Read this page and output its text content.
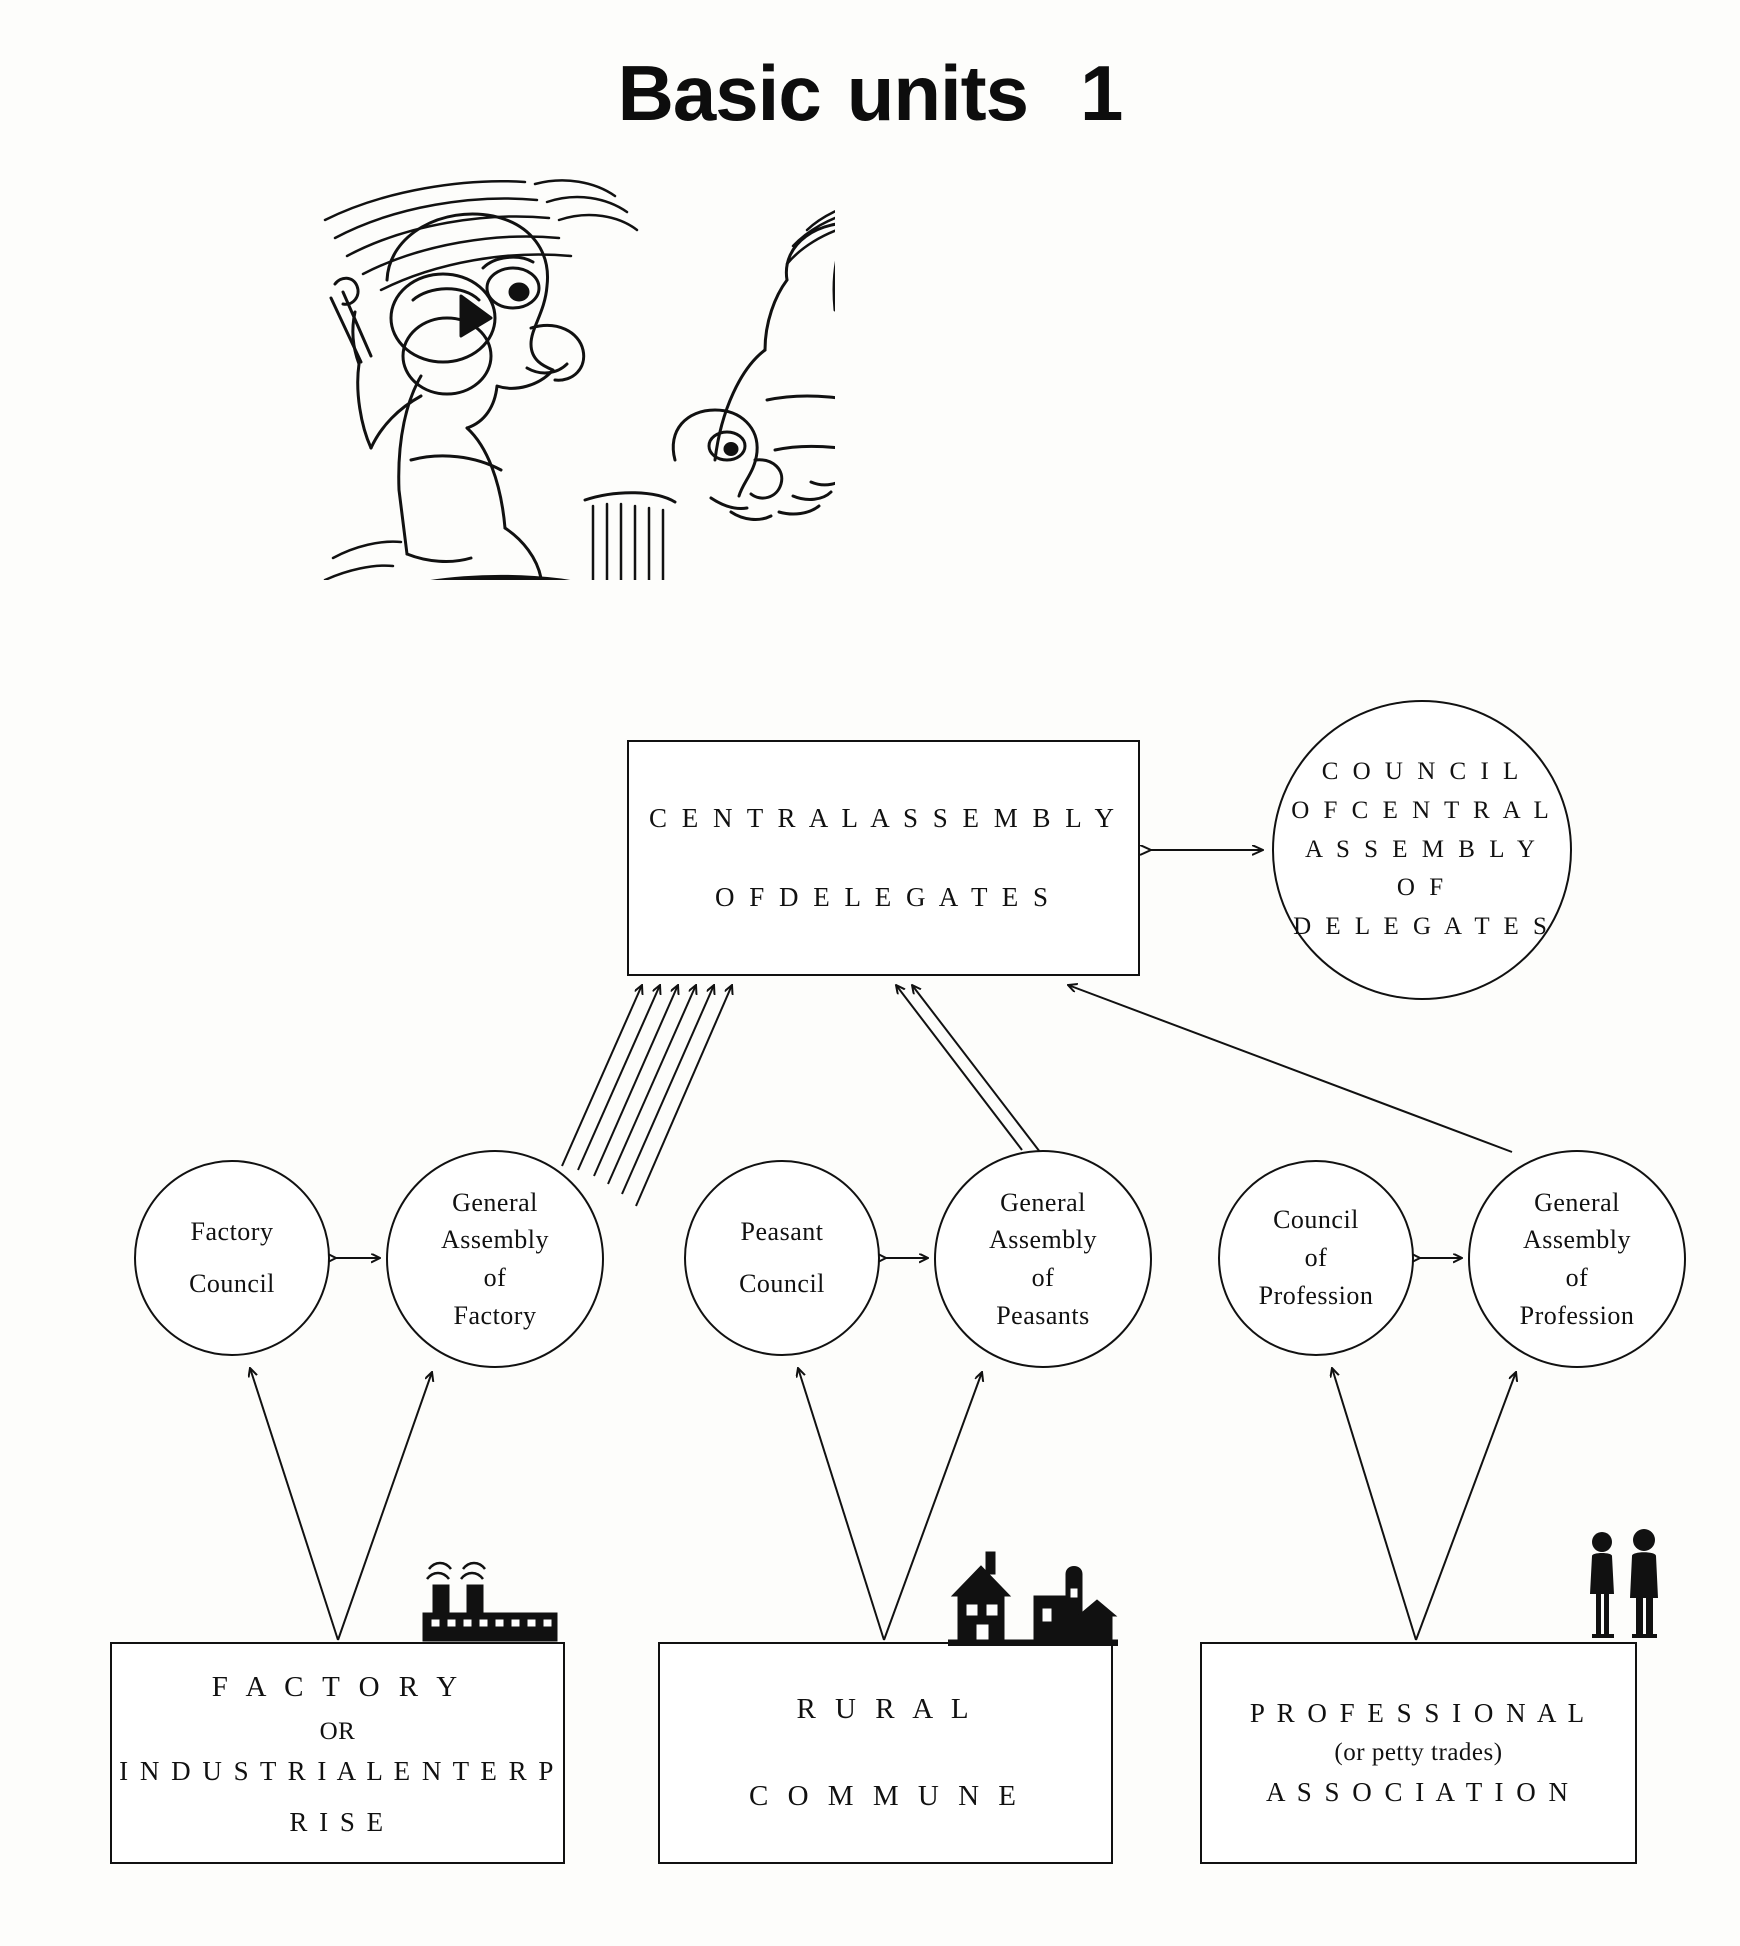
Basic units 1
C E N T R A L A S S E M B L Y
O F D E L E G A T E S
C O U N C I L
O F C E N T R A L
A S S E M B L Y
O F
D E L E G A T E S
Factory
Council
General
Assembly
of
Factory
Peasant
Council
General
Assembly
of
Peasants
Council
of
Profession
General
Assembly
of
Profession
F A C T O R Y
OR
I N D U S T R I A L E N T E R P R I S E
R U R A L
C O M M U N E
P R O F E S S I O N A L
(or petty trades)
A S S O C I A T I O N
